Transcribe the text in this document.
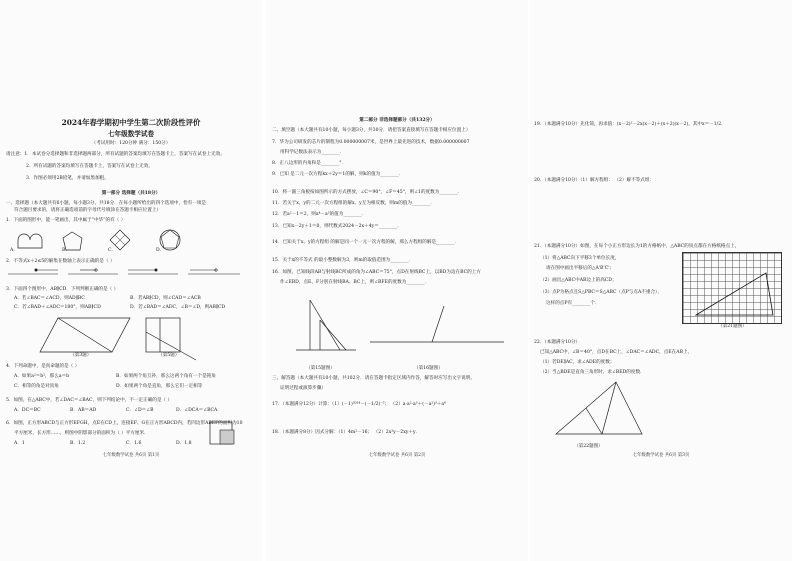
2024年春学期初中学生第二次阶段性评价
七年级数学试卷
（考试用时：120分钟 满分：150分）
请注意：1．本试卷分选择题和非选择题两部分，所有试题的答案均填写在答题卡上，答案写在试卷上无效。
2．所有试题的答案均填写在答题卡上，答案写在试卷上无效。
3．作图必须用2B铅笔，并请加黑加粗。
第一部分 选择题（共18分）
一、选择题（本大题共有6小题，每小题3分，共18分．在每小题所给出的四个选项中，恰有一项是
符合题目要求的，请将正确选项前的字母代号填涂在答题卡相应位置上）
1．下面的图形中，能一笔画出，其中属于“中华”的有（ ）
A.	B.	C.	D.
2．不等式x＋2≤5的解集在数轴上表示正确的是（ ）
3．下面四个图形中，AB∥CD．下列判断正确的是（ ）
A．若∠BAC＝∠ACD，则AD∥BC	B．若AB∥CD，则∠CAD＝∠ACB
C．若∠BAD＋∠ADC＝180°，则AB∥CD	D．若∠BAD＝∠ADC，∠B＝∠D，则AB∥CD
（第3题）	（第5题）
4．下列命题中，是真命题的是（ ）
A．如果a²＝b²，那么a＝b	B．如果两个角互补，那么这两个角有一个是钝角
C．相等的角是对顶角	D．如果两个角是直角，那么它们一定相等
5．如图，在△ABC中，若∠DAC＝∠BAC，则下列结论中，不一定正确的是（ ）
A．DC＝BC	B．AB＝AD	C．∠D＝∠B	D．∠DCA＝∠BCA
6．如图，正方形ABCD与正方形EFGH，点E在CD上，连接EF、G在正方形ABCD内，若四边形ABEF的面积为10
平方厘米，长方形……，则图中阴影部分的面积为（ ）平方厘米．
A．1	B．1.2	C．1.6	D．1.8
七年级数学试卷 共6页 第1页
第二部分 非选择题部分（共132分）
二、填空题（本大题共有10小题，每小题3分，共30分．请把答案直接填写在答题卡相应位置上）
7．华为公司研发的芯片的制程为0.000000007米，是世界上最先进的技术，数据0.000000007
用科学记数法表示为________．
8．正八边形的内角和是________°．
9．已知 是二元一次方程kx＋2y＝1的解，则k的值为________．
10．将一副三角板按如图所示的方式摆放，∠C＝90°，∠F＝45°，则∠1的度数为________．
11．若关于x、y的二元一次方程组的解x、y互为相反数，则m的值为________．
12．若a²－1＝2，则a⁴－a²的值为________．
13．已知x－2y＋1＝0，则代数式2024－2x＋4y＝________．
14．已知关于x、y的方程组 的解是同一个一元一次方程的解，那么方程组的解是________．
15．关于x的不等式 的最小整数解为3，则m的取值范围为________．
16．如图，已知线段AB与射线BC所成的角为∠ABC＝75°，点D在射线BC上，以BD为边在BC的上方
作∠EBD，点E、F分别在射线BA、BC上，则∠BFE的度数为________．
（第15题图）	（第16题图）
三、解答题（本大题共有10小题，共102分．请在答题卡指定区域内作答，解答时应写出文字说明、
证明过程或演算步骤）
17．（本题满分12分）计算：（1）(－1)²⁰²⁴－(－1/2)⁻²； （2）a·a²·a³＋(－a²)³＋a⁶
18．（本题满分8分）因式分解：（1）4m²－16； （2）2x²y－2xy＋y．
七年级数学试卷 共6页 第2页
19．（本题满分10分）先化简，再求值：(x－2)²－2x(x－2)＋(x＋2)(x－2)，其中x＝－1/2．
20．（本题满分10分）（1）解方程组： （2）解不等式组：
21．（本题满分10分）如图，在每个小正方形边长为1的方格纸中，△ABC的顶点都在方格纸格点上，
（1）将△ABC向下平移3个单位长度，
请在图中画出平移后的△A'B'C'；
（2）画出△ABC中AB边上的高CD；
（3）点P为格点且S△PBC＝S△ABC（点P与点A不重合），
这样的点P有________个．
（第21题图）
22．（本题满分10分）
已知△ABC中，∠B＝40°，点D在BC上，∠DAC＝∠ADC，点E在AB上，
（1）若DE∥AC，求∠ADE的度数；
（2）当△BDE是直角三角形时，求∠BED的度数．
（第22题图）
七年级数学试卷 共6页 第3页
